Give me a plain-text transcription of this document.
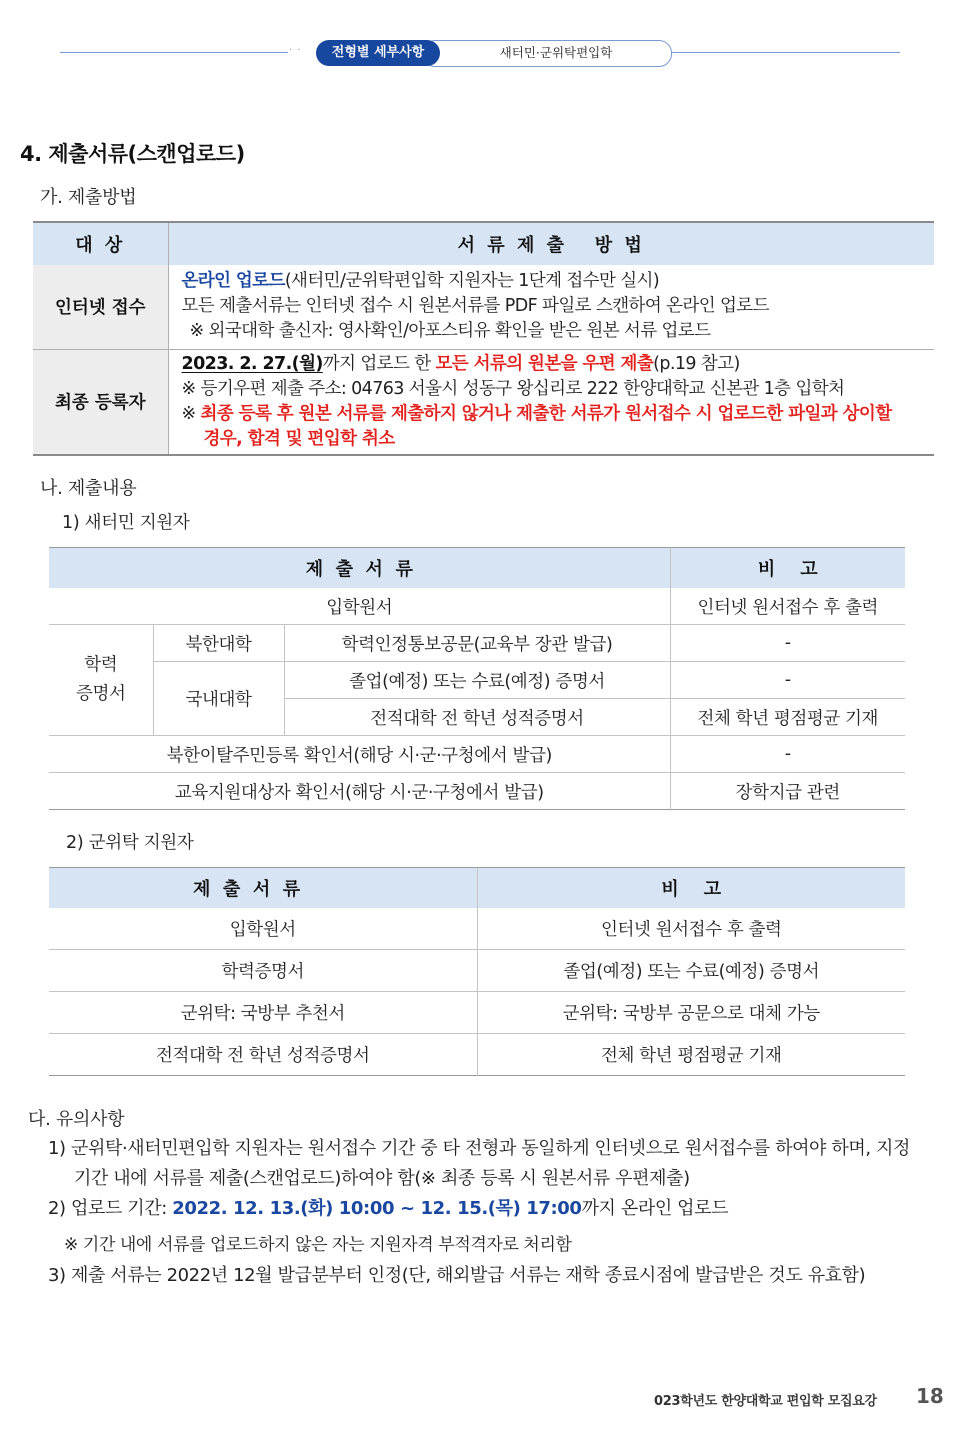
· ·	새터민·군위탁편입학
전형별 세부사항
4. 제출서류(스캔업로드)
가. 제출방법
대 상	서 류 제 출   방 법
인터넷 접수	온라인 업로드(새터민/군위탁편입학 지원자는 1단계 접수만 실시)
모든 제출서류는 인터넷 접수 시 원본서류를 PDF 파일로 스캔하여 온라인 업로드
※ 외국대학 출신자: 영사확인/아포스티유 확인을 받은 원본 서류 업로드

최종 등록자	2023. 2. 27.(월)까지 업로드 한 모든 서류의 원본을 우편 제출(p.19 참고)
※ 등기우편 제출 주소: 04763 서울시 성동구 왕십리로 222 한양대학교 신본관 1층 입학처
※ 최종 등록 후 원본 서류를 제출하지 않거나 제출한 서류가 원서접수 시 업로드한 파일과 상이할
경우, 합격 및 편입학 취소
나. 제출내용
1) 새터민 지원자
제  출  서  류			비    고
입학원서			인터넷 원서접수 후 출력

학력
증명서	북한대학	학력인정통보공문(교육부 장관 발급)	-
	국내대학	졸업(예정) 또는 수료(예정) 증명서	-
		전적대학 전 학년 성적증명서	전체 학년 평점평균 기재
북한이탈주민등록 확인서(해당 시·군·구청에서 발급)			-
교육지원대상자 확인서(해당 시·군·구청에서 발급)			장학지급 관련
2) 군위탁 지원자
제  출  서  류	비    고
입학원서	인터넷 원서접수 후 출력
학력증명서	졸업(예정) 또는 수료(예정) 증명서
군위탁: 국방부 추천서	군위탁: 국방부 공문으로 대체 가능
전적대학 전 학년 성적증명서	전체 학년 평점평균 기재
다. 유의사항
1) 군위탁·새터민편입학 지원자는 원서접수 기간 중 타 전형과 동일하게 인터넷으로 원서접수를 하여야 하며, 지정
기간 내에 서류를 제출(스캔업로드)하여야 함(※ 최종 등록 시 원본서류 우편제출)
2) 업로드 기간: 2022. 12. 13.(화) 10:00 ~ 12. 15.(목) 17:00까지 온라인 업로드
※ 기간 내에 서류를 업로드하지 않은 자는 지원자격 부적격자로 처리함
3) 제출 서류는 2022년 12월 발급분부터 인정(단, 해외발급 서류는 재학 종료시점에 발급받은 것도 유효함)
023학년도 한양대학교 편입학 모집요강 18
